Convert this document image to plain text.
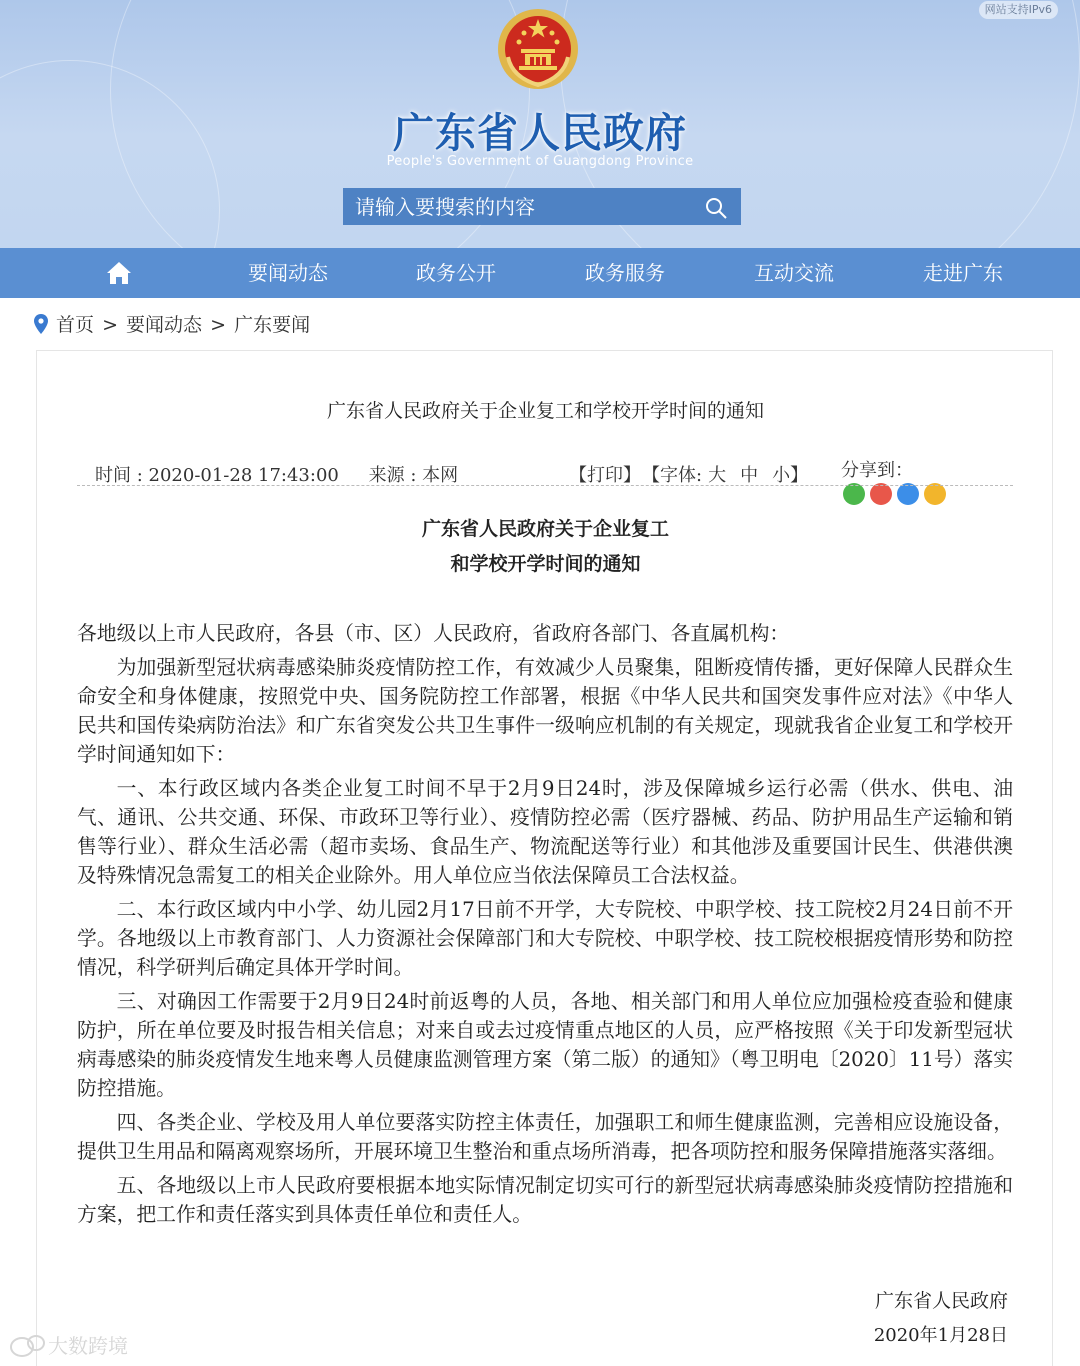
网站支持IPv6
广东省人民政府
People's Government of Guangdong Province
请输入要搜索的内容
要闻动态	政务公开	政务服务	互动交流	走进广东
首页 > 要闻动态 > 广东要闻
广东省人民政府关于企业复工和学校开学时间的通知
时间 : 2020-01-28 17:43:00 来源 : 本网	【打印】 【字体: 大 中 小】	分享到：
广东省人民政府关于企业复工
和学校开学时间的通知

各地级以上市人民政府，各县（市、区）人民政府，省政府各部门、各直属机构：

为加强新型冠状病毒感染肺炎疫情防控工作，有效减少人员聚集，阻断疫情传播，更好保障人民群众生命安全和身体健康，按照党中央、国务院防控工作部署，根据《中华人民共和国突发事件应对法》《中华人民共和国传染病防治法》和广东省突发公共卫生事件一级响应机制的有关规定，现就我省企业复工和学校开学时间通知如下：

一、本行政区域内各类企业复工时间不早于2月9日24时，涉及保障城乡运行必需（供水、供电、油气、通讯、公共交通、环保、市政环卫等行业）、疫情防控必需（医疗器械、药品、防护用品生产运输和销售等行业）、群众生活必需（超市卖场、食品生产、物流配送等行业）和其他涉及重要国计民生、供港供澳及特殊情况急需复工的相关企业除外。用人单位应当依法保障员工合法权益。

二、本行政区域内中小学、幼儿园2月17日前不开学，大专院校、中职学校、技工院校2月24日前不开学。各地级以上市教育部门、人力资源社会保障部门和大专院校、中职学校、技工院校根据疫情形势和防控情况，科学研判后确定具体开学时间。

三、对确因工作需要于2月9日24时前返粤的人员，各地、相关部门和用人单位应加强检疫查验和健康防护，所在单位要及时报告相关信息；对来自或去过疫情重点地区的人员，应严格按照《关于印发新型冠状病毒感染的肺炎疫情发生地来粤人员健康监测管理方案（第二版）的通知》（粤卫明电〔2020〕11号）落实防控措施。

四、各类企业、学校及用人单位要落实防控主体责任，加强职工和师生健康监测，完善相应设施设备，提供卫生用品和隔离观察场所，开展环境卫生整治和重点场所消毒，把各项防控和服务保障措施落实落细。

五、各地级以上市人民政府要根据本地实际情况制定切实可行的新型冠状病毒感染肺炎疫情防控措施和方案，把工作和责任落实到具体责任单位和责任人。

广东省人民政府
2020年1月28日
大数跨境
